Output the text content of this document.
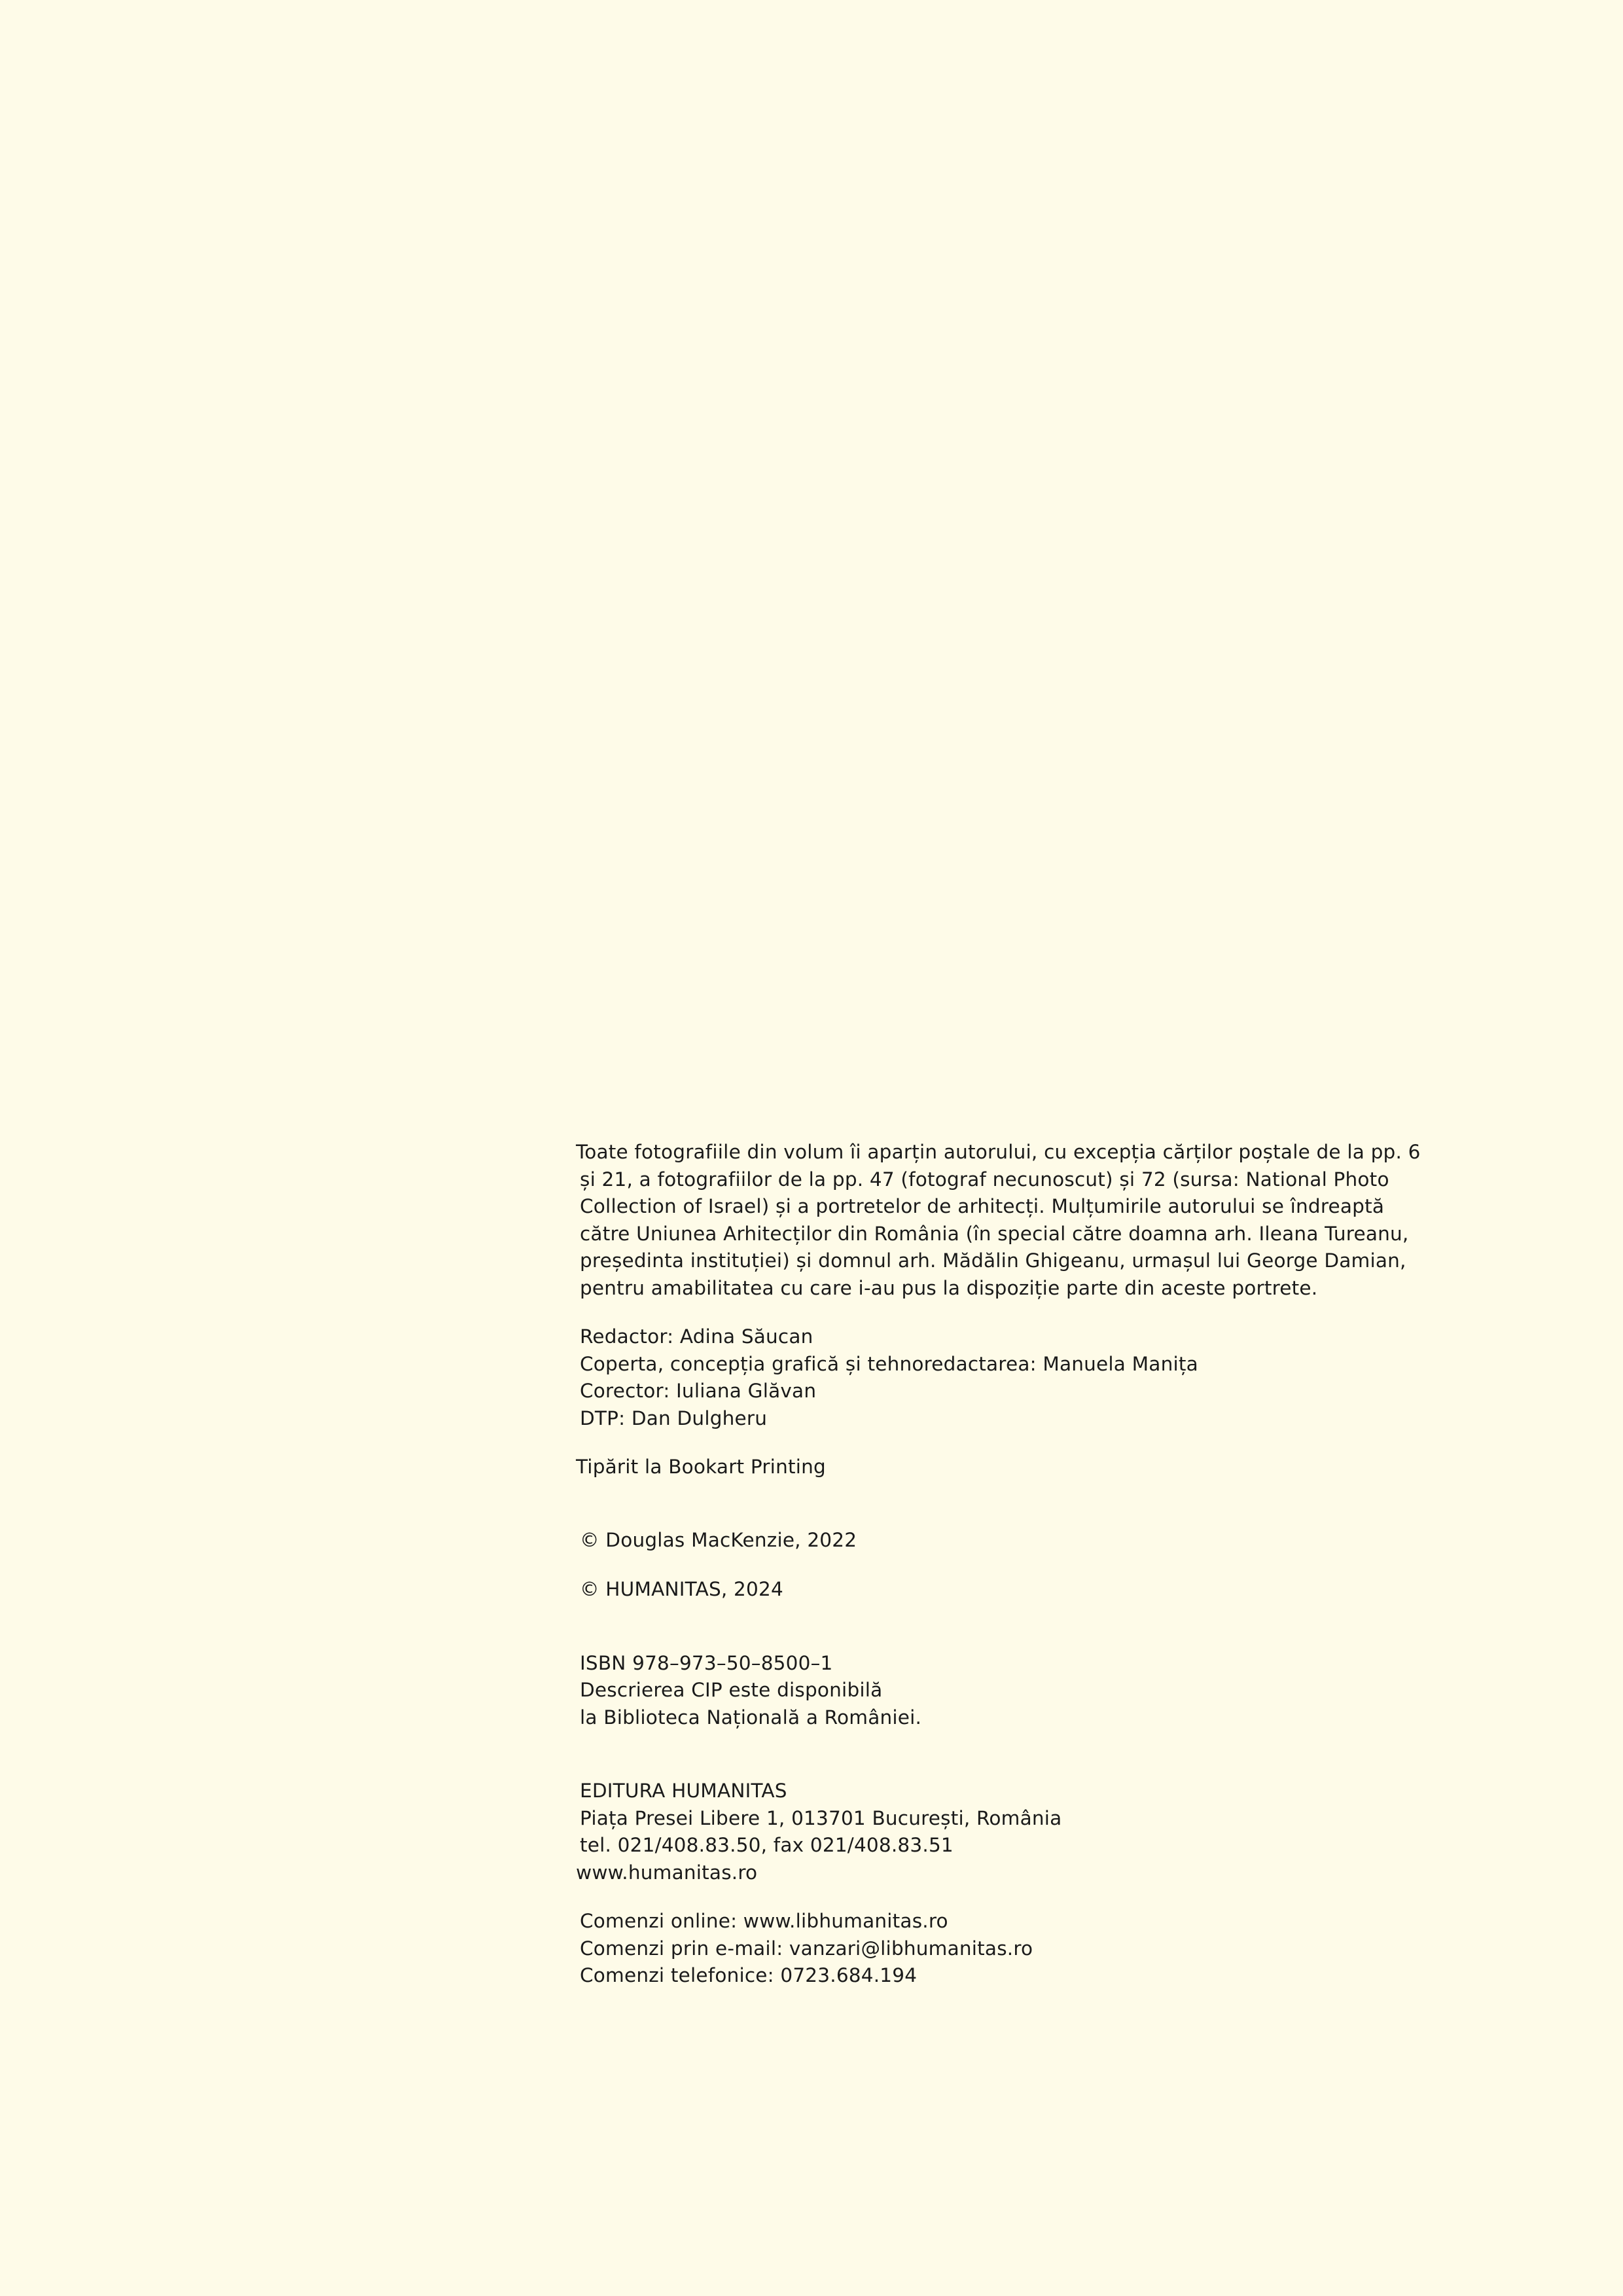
Toate fotografiile din volum îi aparțin autorului, cu excepția cărților poștale de la pp. 6
și 21, a fotografiilor de la pp. 47 (fotograf necunoscut) și 72 (sursa: National Photo
Collection of Israel) și a portretelor de arhitecți. Mulțumirile autorului se îndreaptă
către Uniunea Arhitecților din România (în special către doamna arh. Ileana Tureanu,
președinta instituției) și domnul arh. Mădălin Ghigeanu, urmașul lui George Damian,
pentru amabilitatea cu care i-au pus la dispoziție parte din aceste portrete.
Redactor: Adina Săucan
Coperta, concepția grafică și tehnoredactarea: Manuela Manița
Corector: Iuliana Glăvan
DTP: Dan Dulgheru
Tipărit la Bookart Printing
© Douglas MacKenzie, 2022
© HUMANITAS, 2024
ISBN 978–973–50–8500–1
Descrierea CIP este disponibilă
la Biblioteca Națională a României.
EDITURA HUMANITAS
Piața Presei Libere 1, 013701 București, România
tel. 021/408.83.50, fax 021/408.83.51
www.humanitas.ro
Comenzi online: www.libhumanitas.ro
Comenzi prin e-mail: vanzari@libhumanitas.ro
Comenzi telefonice: 0723.684.194
